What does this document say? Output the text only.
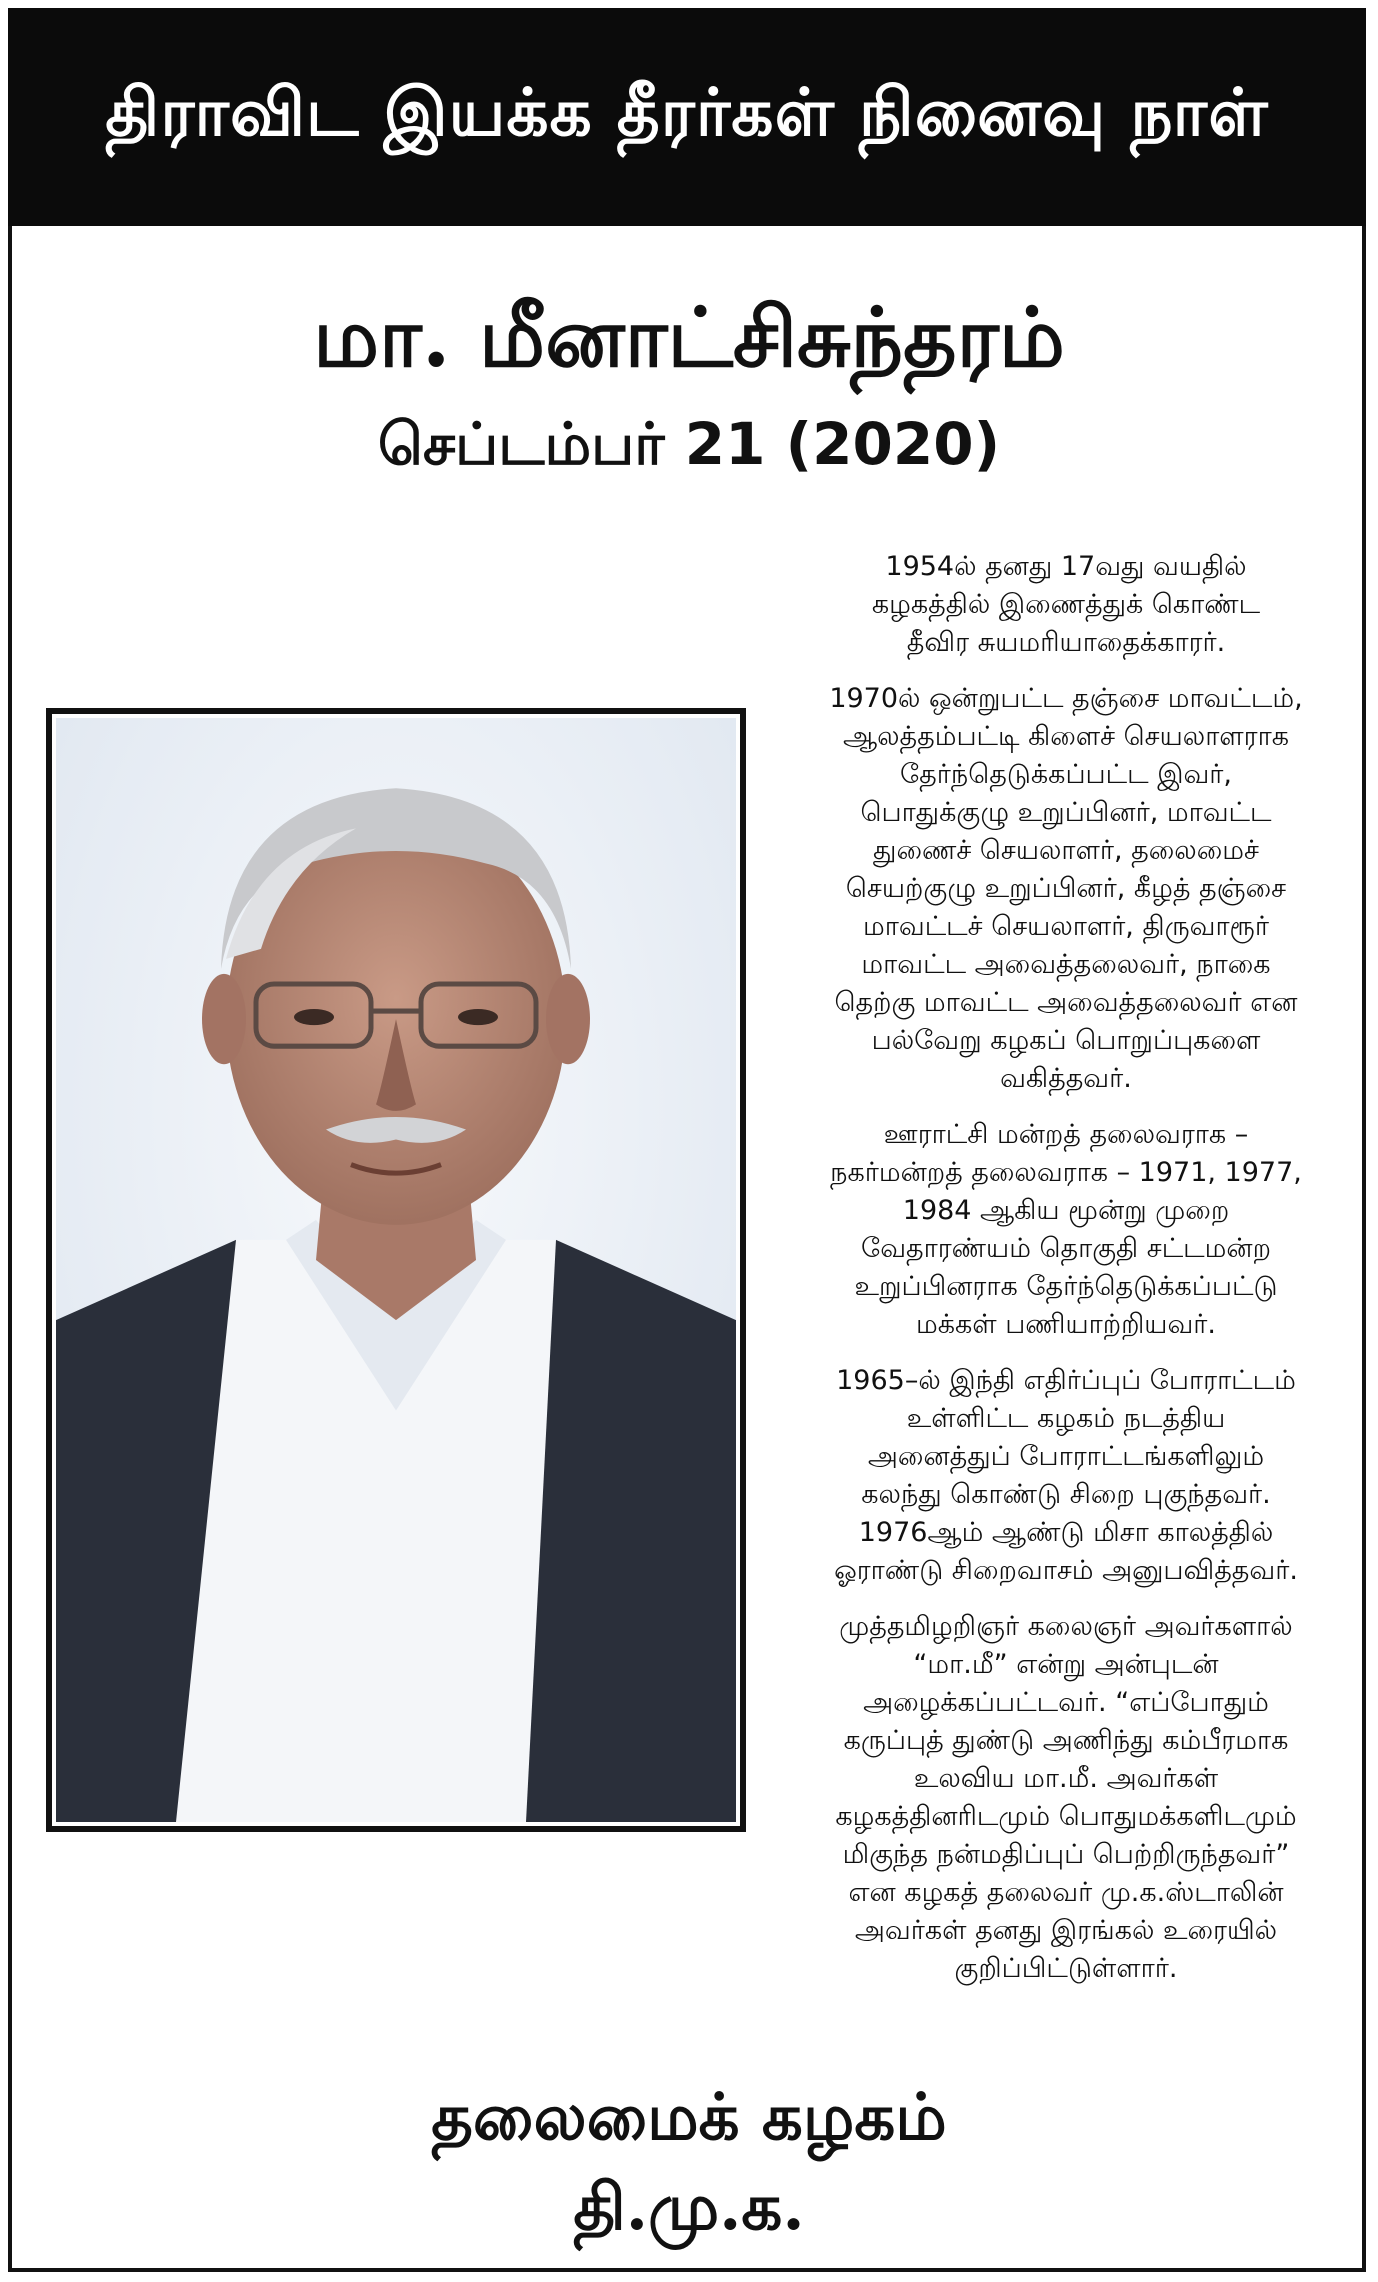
திராவிட இயக்க தீரர்கள் நினைவு நாள்
மா. மீனாட்சிசுந்தரம்
செப்டம்பர் 21 (2020)

1954ல் தனது 17வது வயதில்
கழகத்தில் இணைத்துக் கொண்ட
தீவிர சுயமரியாதைக்காரர்.

1970ல் ஒன்றுபட்ட தஞ்சை மாவட்டம்,
ஆலத்தம்பட்டி கிளைச் செயலாளராக
தேர்ந்தெடுக்கப்பட்ட இவர்,
பொதுக்குழு உறுப்பினர், மாவட்ட
துணைச் செயலாளர், தலைமைச்
செயற்குழு உறுப்பினர், கீழத் தஞ்சை
மாவட்டச் செயலாளர், திருவாரூர்
மாவட்ட அவைத்தலைவர், நாகை
தெற்கு மாவட்ட அவைத்தலைவர் என
பல்வேறு கழகப் பொறுப்புகளை
வகித்தவர்.

ஊராட்சி மன்றத் தலைவராக –
நகர்மன்றத் தலைவராக – 1971, 1977,
1984 ஆகிய மூன்று முறை
வேதாரண்யம் தொகுதி சட்டமன்ற
உறுப்பினராக தேர்ந்தெடுக்கப்பட்டு
மக்கள் பணியாற்றியவர்.

1965–ல் இந்தி எதிர்ப்புப் போராட்டம்
உள்ளிட்ட கழகம் நடத்திய
அனைத்துப் போராட்டங்களிலும்
கலந்து கொண்டு சிறை புகுந்தவர்.
1976ஆம் ஆண்டு மிசா காலத்தில்
ஓராண்டு சிறைவாசம் அனுபவித்தவர்.

முத்தமிழறிஞர் கலைஞர் அவர்களால்
“மா.மீ” என்று அன்புடன்
அழைக்கப்பட்டவர். “எப்போதும்
கருப்புத் துண்டு அணிந்து கம்பீரமாக
உலவிய மா.மீ. அவர்கள்
கழகத்தினரிடமும் பொதுமக்களிடமும்
மிகுந்த நன்மதிப்புப் பெற்றிருந்தவர்”
என கழகத் தலைவர் மு.க.ஸ்டாலின்
அவர்கள் தனது இரங்கல் உரையில்
குறிப்பிட்டுள்ளார்.

தலைமைக் கழகம்
தி.மு.க.
